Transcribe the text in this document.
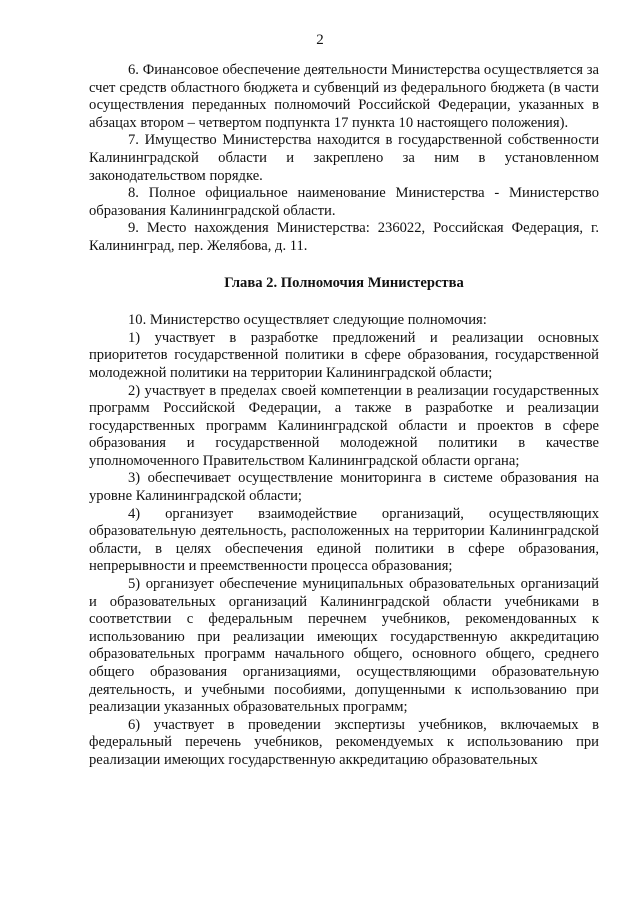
2

6. Финансовое обеспечение деятельности Министерства осуществляется за счет средств областного бюджета и субвенций из федерального бюджета (в части осуществления переданных полномочий Российской Федерации, указанных в абзацах втором – четвертом подпункта 17 пункта 10 настоящего положения).

7. Имущество Министерства находится в государственной собственности Калининградской области и закреплено за ним в установленном законодательством порядке.

8. Полное официальное наименование Министерства - Министерство образования Калининградской области.

9. Место нахождения Министерства: 236022, Российская Федерация, г. Калининград, пер. Желябова, д. 11.

Глава 2. Полномочия Министерства

10. Министерство осуществляет следующие полномочия:

1) участвует в разработке предложений и реализации основных приоритетов государственной политики в сфере образования, государственной молодежной политики на территории Калининградской области;

2) участвует в пределах своей компетенции в реализации государственных программ Российской Федерации, а также в разработке и реализации государственных программ Калининградской области и проектов в сфере образования и государственной молодежной политики в качестве уполномоченного Правительством Калининградской области органа;

3) обеспечивает осуществление мониторинга в системе образования на уровне Калининградской области;

4) организует взаимодействие организаций, осуществляющих образовательную деятельность, расположенных на территории Калининградской области, в целях обеспечения единой политики в сфере образования, непрерывности и преемственности процесса образования;

5) организует обеспечение муниципальных образовательных организаций и образовательных организаций Калининградской области учебниками в соответствии с федеральным перечнем учебников, рекомендованных к использованию при реализации имеющих государственную аккредитацию образовательных программ начального общего, основного общего, среднего общего образования организациями, осуществляющими образовательную деятельность, и учебными пособиями, допущенными к использованию при реализации указанных образовательных программ;

6) участвует в проведении экспертизы учебников, включаемых в федеральный перечень учебников, рекомендуемых к использованию при реализации имеющих государственную аккредитацию образовательных
